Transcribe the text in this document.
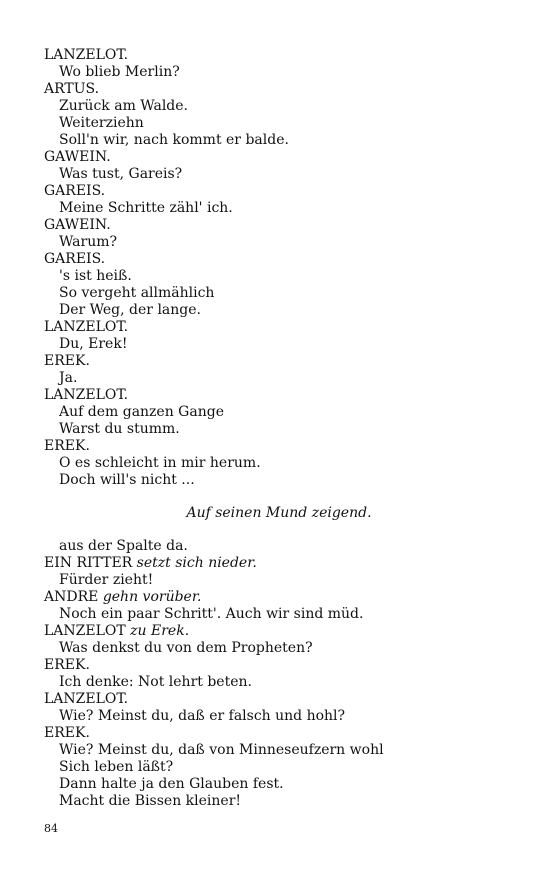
LANZELOT.
Wo blieb Merlin?
ARTUS.
Zurück am Walde.
Weiterziehn
Soll'n wir, nach kommt er balde.
GAWEIN.
Was tust, Gareis?
GAREIS.
Meine Schritte zähl' ich.
GAWEIN.
Warum?
GAREIS.
's ist heiß.
So vergeht allmählich
Der Weg, der lange.
LANZELOT.
Du, Erek!
EREK.
Ja.
LANZELOT.
Auf dem ganzen Gange
Warst du stumm.
EREK.
O es schleicht in mir herum.
Doch will's nicht ...
Auf seinen Mund zeigend.
aus der Spalte da.
EIN RITTER setzt sich nieder.
Fürder zieht!
ANDRE gehn vorüber.
Noch ein paar Schritt'. Auch wir sind müd.
LANZELOT zu Erek.
Was denkst du von dem Propheten?
EREK.
Ich denke: Not lehrt beten.
LANZELOT.
Wie? Meinst du, daß er falsch und hohl?
EREK.
Wie? Meinst du, daß von Minneseufzern wohl
Sich leben läßt?
Dann halte ja den Glauben fest.
Macht die Bissen kleiner!
84
